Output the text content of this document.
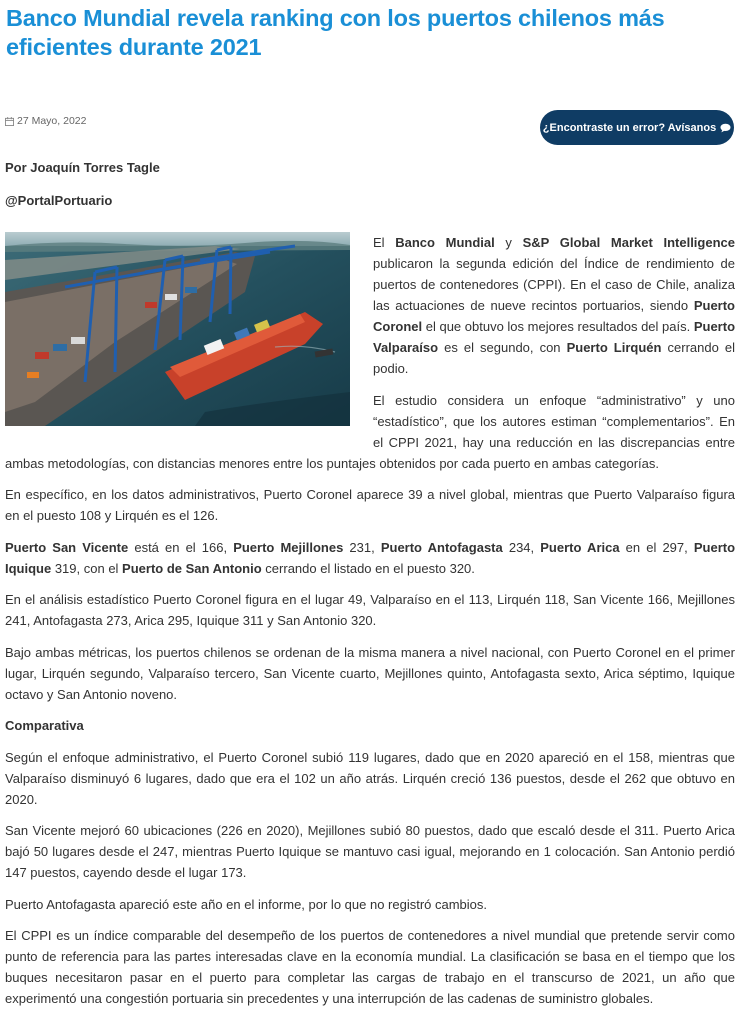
Banco Mundial revela ranking con los puertos chilenos más eficientes durante 2021
27 Mayo, 2022
¿Encontraste un error? Avísanos
Por Joaquín Torres Tagle
@PortalPortuario

El Banco Mundial y S&P Global Market Intelligence publicaron la segunda edición del Índice de rendimiento de puertos de contenedores (CPPI). En el caso de Chile, analiza las actuaciones de nueve recintos portuarios, siendo Puerto Coronel el que obtuvo los mejores resultados del país. Puerto Valparaíso es el segundo, con Puerto Lirquén cerrando el podio.

El estudio considera un enfoque “administrativo” y uno “estadístico”, que los autores estiman “complementarios”. En el CPPI 2021, hay una reducción en las discrepancias entre ambas metodologías, con distancias menores entre los puntajes obtenidos por cada puerto en ambas categorías.

En específico, en los datos administrativos, Puerto Coronel aparece 39 a nivel global, mientras que Puerto Valparaíso figura en el puesto 108 y Lirquén es el 126.

Puerto San Vicente está en el 166, Puerto Mejillones 231, Puerto Antofagasta 234, Puerto Arica en el 297, Puerto Iquique 319, con el Puerto de San Antonio cerrando el listado en el puesto 320.

En el análisis estadístico Puerto Coronel figura en el lugar 49, Valparaíso en el 113, Lirquén 118, San Vicente 166, Mejillones 241, Antofagasta 273, Arica 295, Iquique 311 y San Antonio 320.

Bajo ambas métricas, los puertos chilenos se ordenan de la misma manera a nivel nacional, con Puerto Coronel en el primer lugar, Lirquén segundo, Valparaíso tercero, San Vicente cuarto, Mejillones quinto, Antofagasta sexto, Arica séptimo, Iquique octavo y San Antonio noveno.

Comparativa

Según el enfoque administrativo, el Puerto Coronel subió 119 lugares, dado que en 2020 apareció en el 158, mientras que Valparaíso disminuyó 6 lugares, dado que era el 102 un año atrás. Lirquén creció 136 puestos, desde el 262 que obtuvo en 2020.

San Vicente mejoró 60 ubicaciones (226 en 2020), Mejillones subió 80 puestos, dado que escaló desde el 311. Puerto Arica bajó 50 lugares desde el 247, mientras Puerto Iquique se mantuvo casi igual, mejorando en 1 colocación. San Antonio perdió 147 puestos, cayendo desde el lugar 173.

Puerto Antofagasta apareció este año en el informe, por lo que no registró cambios.

El CPPI es un índice comparable del desempeño de los puertos de contenedores a nivel mundial que pretende servir como punto de referencia para las partes interesadas clave en la economía mundial. La clasificación se basa en el tiempo que los buques necesitaron pasar en el puerto para completar las cargas de trabajo en el transcurso de 2021, un año que experimentó una congestión portuaria sin precedentes y una interrupción de las cadenas de suministro globales.
